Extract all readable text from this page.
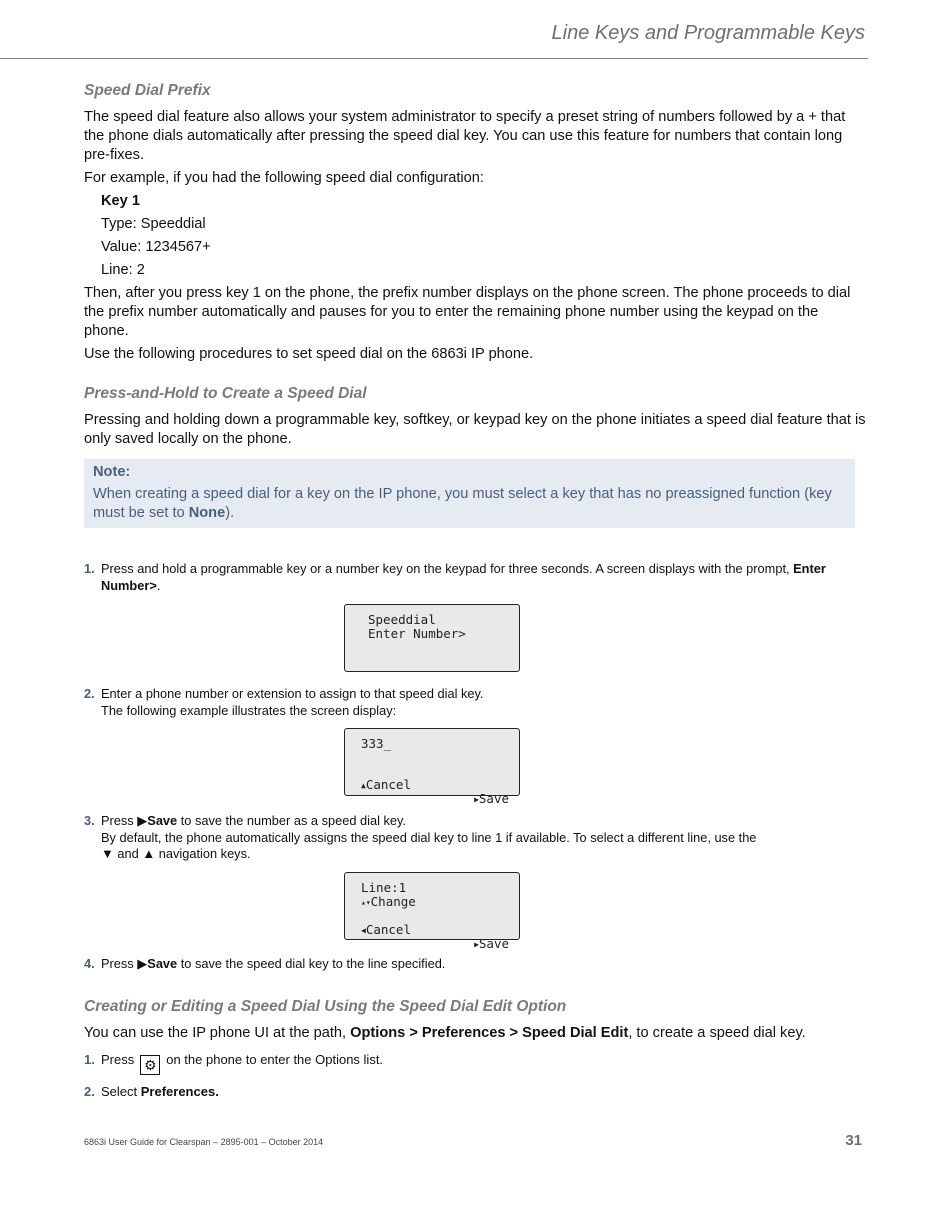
Line Keys and Programmable Keys
Speed Dial Prefix

The speed dial feature also allows your system administrator to specify a preset string of numbers followed by a + that the phone dials automatically after pressing the speed dial key. You can use this feature for numbers that contain long pre-fixes.

For example, if you had the following speed dial configuration:

Key 1

Type: Speeddial

Value: 1234567+

Line: 2

Then, after you press key 1 on the phone, the prefix number displays on the phone screen. The phone proceeds to dial the prefix number automatically and pauses for you to enter the remaining phone number using the keypad on the phone.

Use the following procedures to set speed dial on the 6863i IP phone.

Press-and-Hold to Create a Speed Dial

Pressing and holding down a programmable key, softkey, or keypad key on the phone initiates a speed dial feature that is only saved locally on the phone.

Note:
When creating a speed dial for a key on the IP phone, you must select a key that has no preassigned function (key must be set to None).
1. Press and hold a programmable key or a number key on the keypad for three seconds. A screen displays with the prompt, Enter Number>.
Speeddial
Enter Number>
2. Enter a phone number or extension to assign to that speed dial key.
The following example illustrates the screen display:
333_

▲Cancel

▶Save

3. Press ▶Save to save the number as a speed dial key.
By default, the phone automatically assigns the speed dial key to line 1 if available. To select a different line, use the
▼ and ▲ navigation keys.
Line:1
▴▾Change

◀Cancel

▶Save

4. Press ▶Save to save the speed dial key to the line specified.
Creating or Editing a Speed Dial Using the Speed Dial Edit Option

You can use the IP phone UI at the path, Options > Preferences > Speed Dial Edit, to create a speed dial key.

1. Press ⚙ on the phone to enter the Options list.
2. Select Preferences.
6863i User Guide for Clearspan – 2895-001 – October 2014	31
